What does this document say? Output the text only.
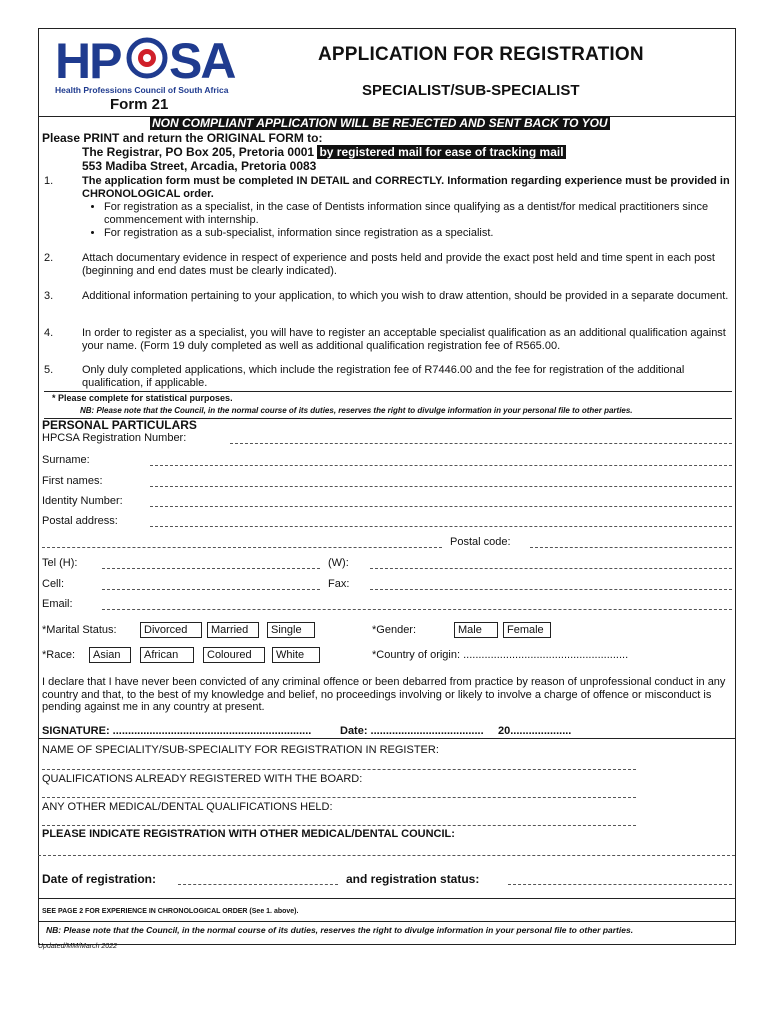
HP SA
Health Professions Council of South Africa
APPLICATION FOR REGISTRATION
SPECIALIST/SUB-SPECIALIST
Form 21
NON COMPLIANT APPLICATION WILL BE REJECTED AND SENT BACK TO YOU
Please PRINT and return the ORIGINAL FORM to:
The Registrar, PO Box 205, Pretoria 0001 by registered mail for ease of tracking mail
553 Madiba Street, Arcadia, Pretoria 0083
1.	The application form must be completed IN DETAIL and CORRECTLY. Information regarding experience must be provided in CHRONOLOGICAL order.
• For registration as a specialist, in the case of Dentists information since qualifying as a dentist/for medical practitioners since commencement with internship.
• For registration as a sub-specialist, information since registration as a specialist.
2.	Attach documentary evidence in respect of experience and posts held and provide the exact post held and time spent in each post (beginning and end dates must be clearly indicated).
3.	Additional information pertaining to your application, to which you wish to draw attention, should be provided in a separate document.
4.	In order to register as a specialist, you will have to register an acceptable specialist qualification as an additional qualification against your name. (Form 19 duly completed as well as additional qualification registration fee of R565.00.
5.	Only duly completed applications, which include the registration fee of R7446.00 and the fee for registration of the additional qualification, if applicable.
* Please complete for statistical purposes.
NB: Please note that the Council, in the normal course of its duties, reserves the right to divulge information in your personal file to other parties.
PERSONAL PARTICULARS
HPCSA Registration Number:
Surname:
First names:
Identity Number:
Postal address:
Postal code:
Tel (H):	(W):
Cell:	Fax:
Email:
*Marital Status:	Divorced	Married	Single	*Gender:	Male	Female
*Race:	Asian	African	Coloured	White	*Country of origin: ......................................................
I declare that I have never been convicted of any criminal offence or been debarred from practice by reason of unprofessional conduct in any country and that, to the best of my knowledge and belief, no proceedings involving or likely to involve a charge of offence or misconduct is pending against me in any country at present.
SIGNATURE: .................................................................	Date: ..................................... 20....................
NAME OF SPECIALITY/SUB-SPECIALITY FOR REGISTRATION IN REGISTER:
QUALIFICATIONS ALREADY REGISTERED WITH THE BOARD:
ANY OTHER MEDICAL/DENTAL QUALIFICATIONS HELD:
PLEASE INDICATE REGISTRATION WITH OTHER MEDICAL/DENTAL COUNCIL:
Date of registration:	and registration status:
SEE PAGE 2 FOR EXPERIENCE IN CHRONOLOGICAL ORDER (See 1. above).
NB: Please note that the Council, in the normal course of its duties, reserves the right to divulge information in your personal file to other parties.
Updated/MM/March 2022
